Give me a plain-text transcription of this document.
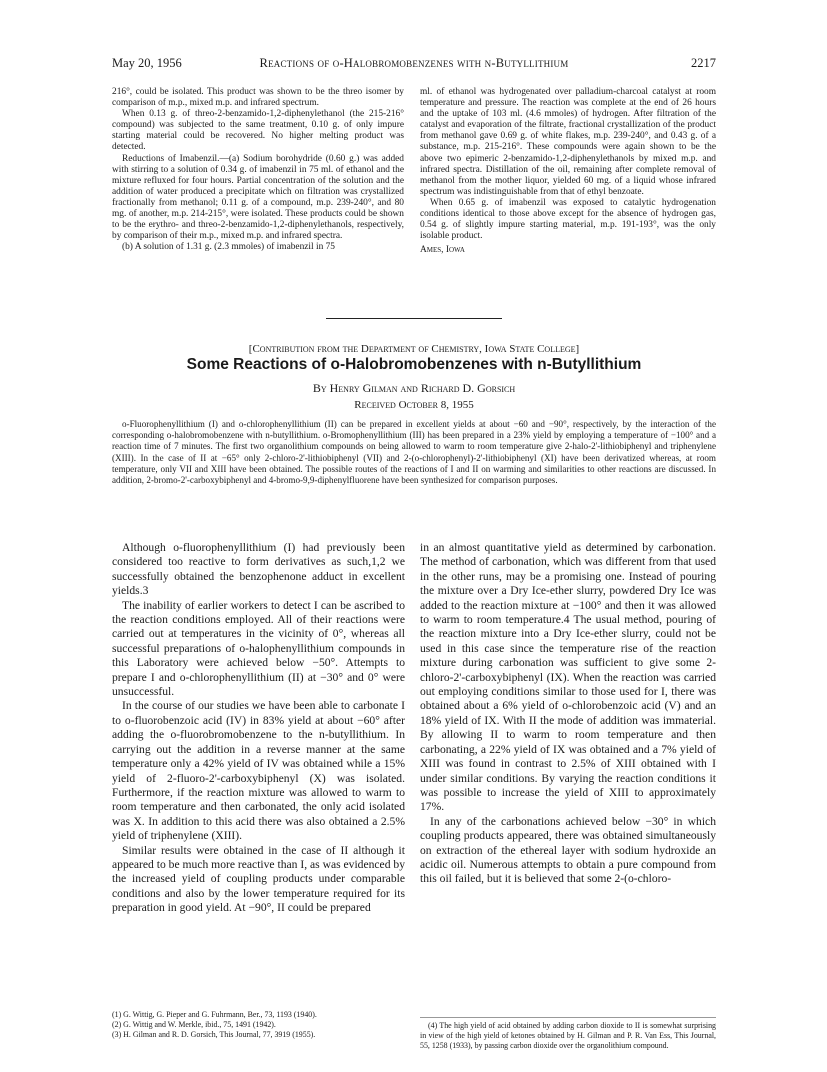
May 20, 1956	Reactions of o-Halobromobenzenes with n-Butyllithium	2217

216°, could be isolated. This product was shown to be the threo isomer by comparison of m.p., mixed m.p. and infrared spectrum.

When 0.13 g. of threo-2-benzamido-1,2-diphenylethanol (the 215-216° compound) was subjected to the same treatment, 0.10 g. of only impure starting material could be recovered. No higher melting product was detected.

Reductions of Imabenzil.—(a) Sodium borohydride (0.60 g.) was added with stirring to a solution of 0.34 g. of imabenzil in 75 ml. of ethanol and the mixture refluxed for four hours. Partial concentration of the solution and the addition of water produced a precipitate which on filtration was crystallized fractionally from methanol; 0.11 g. of a compound, m.p. 239-240°, and 80 mg. of another, m.p. 214-215°, were isolated. These products could be shown to be the erythro- and threo-2-benzamido-1,2-diphenylethanols, respectively, by comparison of their m.p., mixed m.p. and infrared spectra.

(b) A solution of 1.31 g. (2.3 mmoles) of imabenzil in 75

ml. of ethanol was hydrogenated over palladium-charcoal catalyst at room temperature and pressure. The reaction was complete at the end of 26 hours and the uptake of 103 ml. (4.6 mmoles) of hydrogen. After filtration of the catalyst and evaporation of the filtrate, fractional crystallization of the product from methanol gave 0.69 g. of white flakes, m.p. 239-240°, and 0.43 g. of a substance, m.p. 215-216°. These compounds were again shown to be the above two epimeric 2-benzamido-1,2-diphenylethanols by mixed m.p. and infrared spectra. Distillation of the oil, remaining after complete removal of methanol from the mother liquor, yielded 60 mg. of a liquid whose infrared spectrum was indistinguishable from that of ethyl benzoate.

When 0.65 g. of imabenzil was exposed to catalytic hydrogenation conditions identical to those above except for the absence of hydrogen gas, 0.54 g. of slightly impure starting material, m.p. 191-193°, was the only isolable product.

Ames, Iowa

[Contribution from the Department of Chemistry, Iowa State College]
Some Reactions of o-Halobromobenzenes with n-Butyllithium
By Henry Gilman and Richard D. Gorsich
Received October 8, 1955

o-Fluorophenyllithium (I) and o-chlorophenyllithium (II) can be prepared in excellent yields at about −60 and −90°, respectively, by the interaction of the corresponding o-halobromobenzene with n-butyllithium. o-Bromophenyllithium (III) has been prepared in a 23% yield by employing a temperature of −100° and a reaction time of 7 minutes. The first two organolithium compounds on being allowed to warm to room temperature give 2-halo-2'-lithiobiphenyl and triphenylene (XIII). In the case of II at −65° only 2-chloro-2'-lithiobiphenyl (VII) and 2-(o-chlorophenyl)-2'-lithiobiphenyl (XI) have been derivatized whereas, at room temperature, only VII and XIII have been obtained. The possible routes of the reactions of I and II on warming and similarities to other reactions are discussed. In addition, 2-bromo-2'-carboxybiphenyl and 4-bromo-9,9-diphenylfluorene have been synthesized for comparison purposes.

Although o-fluorophenyllithium (I) had previously been considered too reactive to form derivatives as such,1,2 we successfully obtained the benzophenone adduct in excellent yields.3

The inability of earlier workers to detect I can be ascribed to the reaction conditions employed. All of their reactions were carried out at temperatures in the vicinity of 0°, whereas all successful preparations of o-halophenyllithium compounds in this Laboratory were achieved below −50°. Attempts to prepare I and o-chlorophenyllithium (II) at −30° and 0° were unsuccessful.

In the course of our studies we have been able to carbonate I to o-fluorobenzoic acid (IV) in 83% yield at about −60° after adding the o-fluorobromobenzene to the n-butyllithium. In carrying out the addition in a reverse manner at the same temperature only a 42% yield of IV was obtained while a 15% yield of 2-fluoro-2'-carboxybiphenyl (X) was isolated. Furthermore, if the reaction mixture was allowed to warm to room temperature and then carbonated, the only acid isolated was X. In addition to this acid there was also obtained a 2.5% yield of triphenylene (XIII).

Similar results were obtained in the case of II although it appeared to be much more reactive than I, as was evidenced by the increased yield of coupling products under comparable conditions and also by the lower temperature required for its preparation in good yield. At −90°, II could be prepared

in an almost quantitative yield as determined by carbonation. The method of carbonation, which was different from that used in the other runs, may be a promising one. Instead of pouring the mixture over a Dry Ice-ether slurry, powdered Dry Ice was added to the reaction mixture at −100° and then it was allowed to warm to room temperature.4 The usual method, pouring of the reaction mixture into a Dry Ice-ether slurry, could not be used in this case since the temperature rise of the reaction mixture during carbonation was sufficient to give some 2-chloro-2'-carboxybiphenyl (IX). When the reaction was carried out employing conditions similar to those used for I, there was obtained about a 6% yield of o-chlorobenzoic acid (V) and an 18% yield of IX. With II the mode of addition was immaterial. By allowing II to warm to room temperature and then carbonating, a 22% yield of IX was obtained and a 7% yield of XIII was found in contrast to 2.5% of XIII obtained with I under similar conditions. By varying the reaction conditions it was possible to increase the yield of XIII to approximately 17%.

In any of the carbonations achieved below −30° in which coupling products appeared, there was obtained simultaneously on extraction of the ethereal layer with sodium hydroxide an acidic oil. Numerous attempts to obtain a pure compound from this oil failed, but it is believed that some 2-(o-chloro-

(1) G. Wittig, G. Pieper and G. Fuhrmann, Ber., 73, 1193 (1940).

(2) G. Wittig and W. Merkle, ibid., 75, 1491 (1942).

(3) H. Gilman and R. D. Gorsich, This Journal, 77, 3919 (1955).

(4) The high yield of acid obtained by adding carbon dioxide to II is somewhat surprising in view of the high yield of ketones obtained by H. Gilman and P. R. Van Ess, This Journal, 55, 1258 (1933), by passing carbon dioxide over the organolithium compound.
